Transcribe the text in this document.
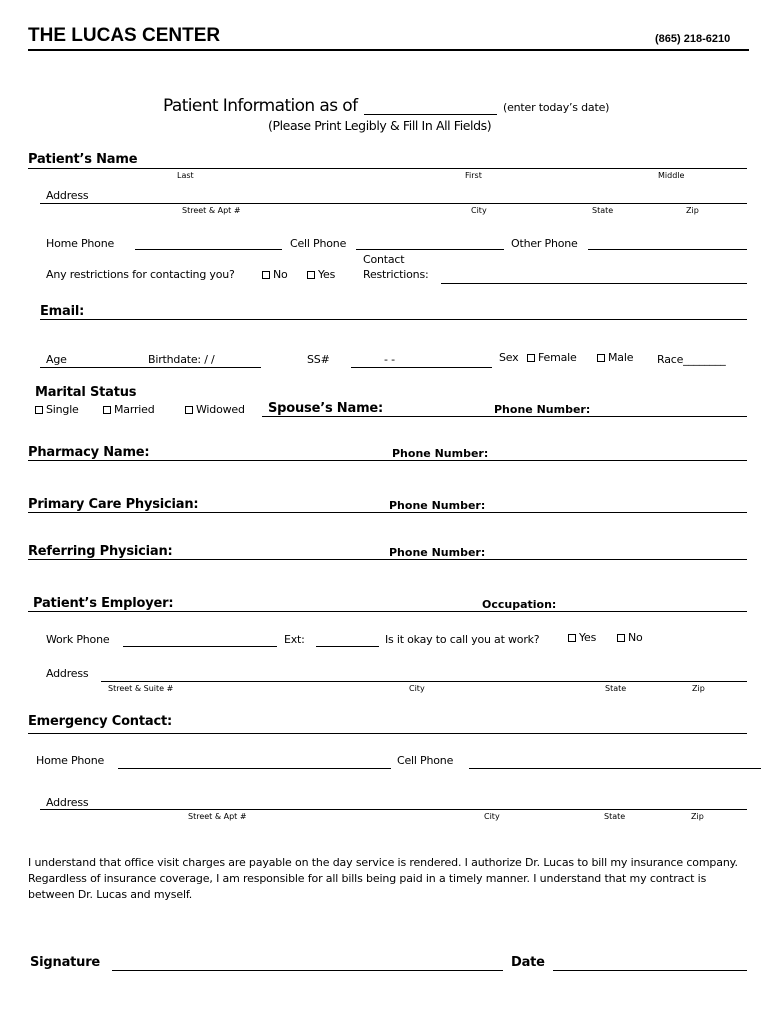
THE LUCAS CENTER	(865) 218-6210
Patient Information as of	(enter today’s date)
(Please Print Legibly & Fill In All Fields)
Patient’s Name
Last	First	Middle
Address
Street & Apt #	City	State	Zip
Home Phone	Cell Phone	Other Phone
Any restrictions for contacting you?	No	Yes
Contact
Restrictions:
Email:
Age	Birthdate: / /	SS#	- -	Sex	Female	Male Race________
Marital Status
Single	Married	Widowed Spouse’s Name:	Phone Number:
Pharmacy Name:	Phone Number:
Primary Care Physician:	Phone Number:
Referring Physician:	Phone Number:
Patient’s Employer:	Occupation:
Work Phone	Ext:	Is it okay to call you at work?	Yes	No
Address
Street & Suite #	City	State	Zip
Emergency Contact:
Home Phone	Cell Phone
Address
Street & Apt #	City	State	Zip
I understand that office visit charges are payable on the day service is rendered. I authorize Dr. Lucas to bill my insurance company. Regardless of insurance coverage, I am responsible for all bills being paid in a timely manner. I understand that my contract is between Dr. Lucas and myself.
Signature	Date
